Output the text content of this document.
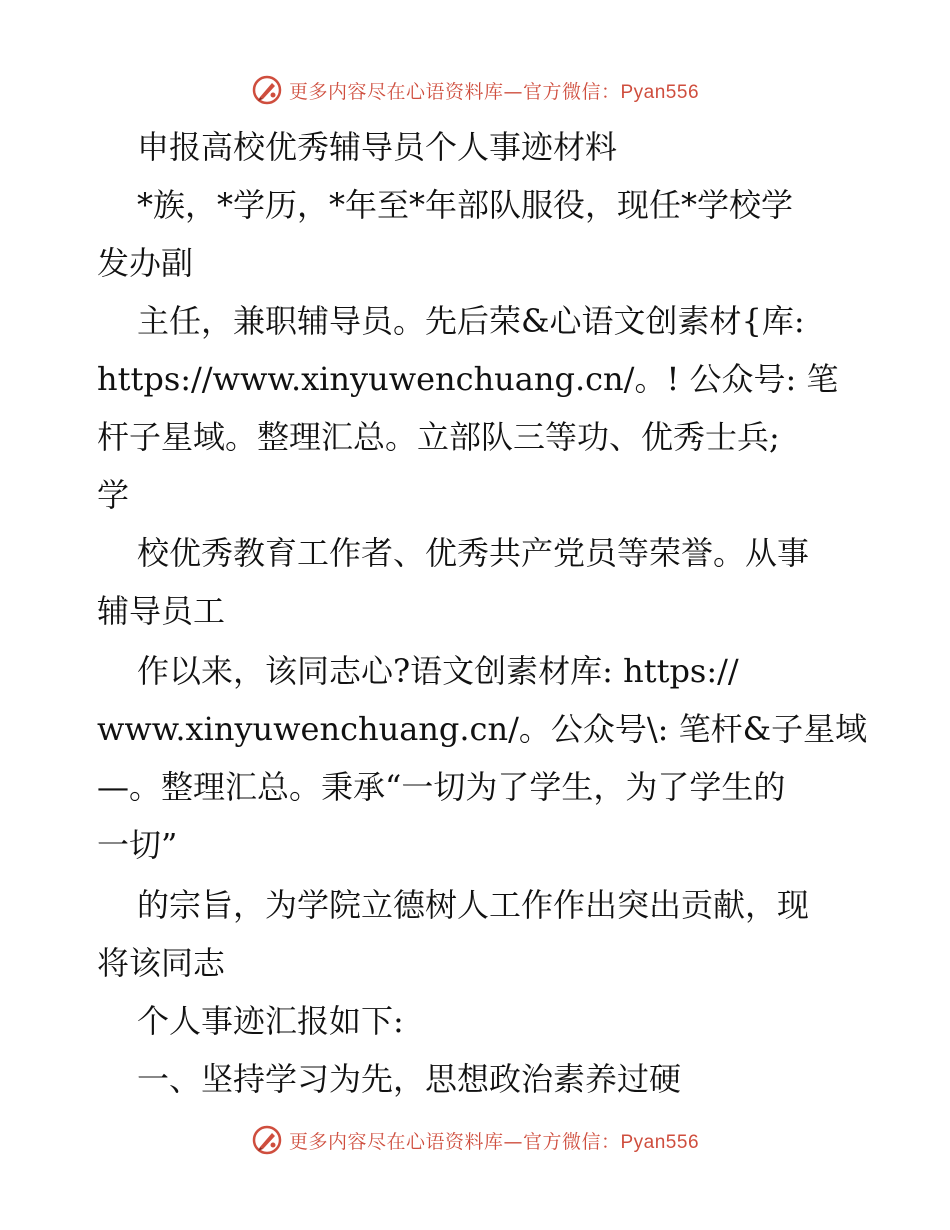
更多内容尽在心语资料库—官方微信：Pyan556
申报高校优秀辅导员个人事迹材料
*族，*学历，*年至*年部队服役，现任*学校学
发办副
主任，兼职辅导员。先后荣&心语文创素材{库:
https://www.xinyuwenchuang.cn/。! 公众号: 笔
杆子星域。整理汇总。立部队三等功、优秀士兵;
学
校优秀教育工作者、优秀共产党员等荣誉。从事
辅导员工
作以来，该同志心?语文创素材库: https://
www.xinyuwenchuang.cn/。公众号\: 笔杆&子星域
—。整理汇总。秉承“一切为了学生，为了学生的
一切”
的宗旨，为学院立德树人工作作出突出贡献，现
将该同志
个人事迹汇报如下:
一、坚持学习为先，思想政治素养过硬
更多内容尽在心语资料库—官方微信：Pyan556
